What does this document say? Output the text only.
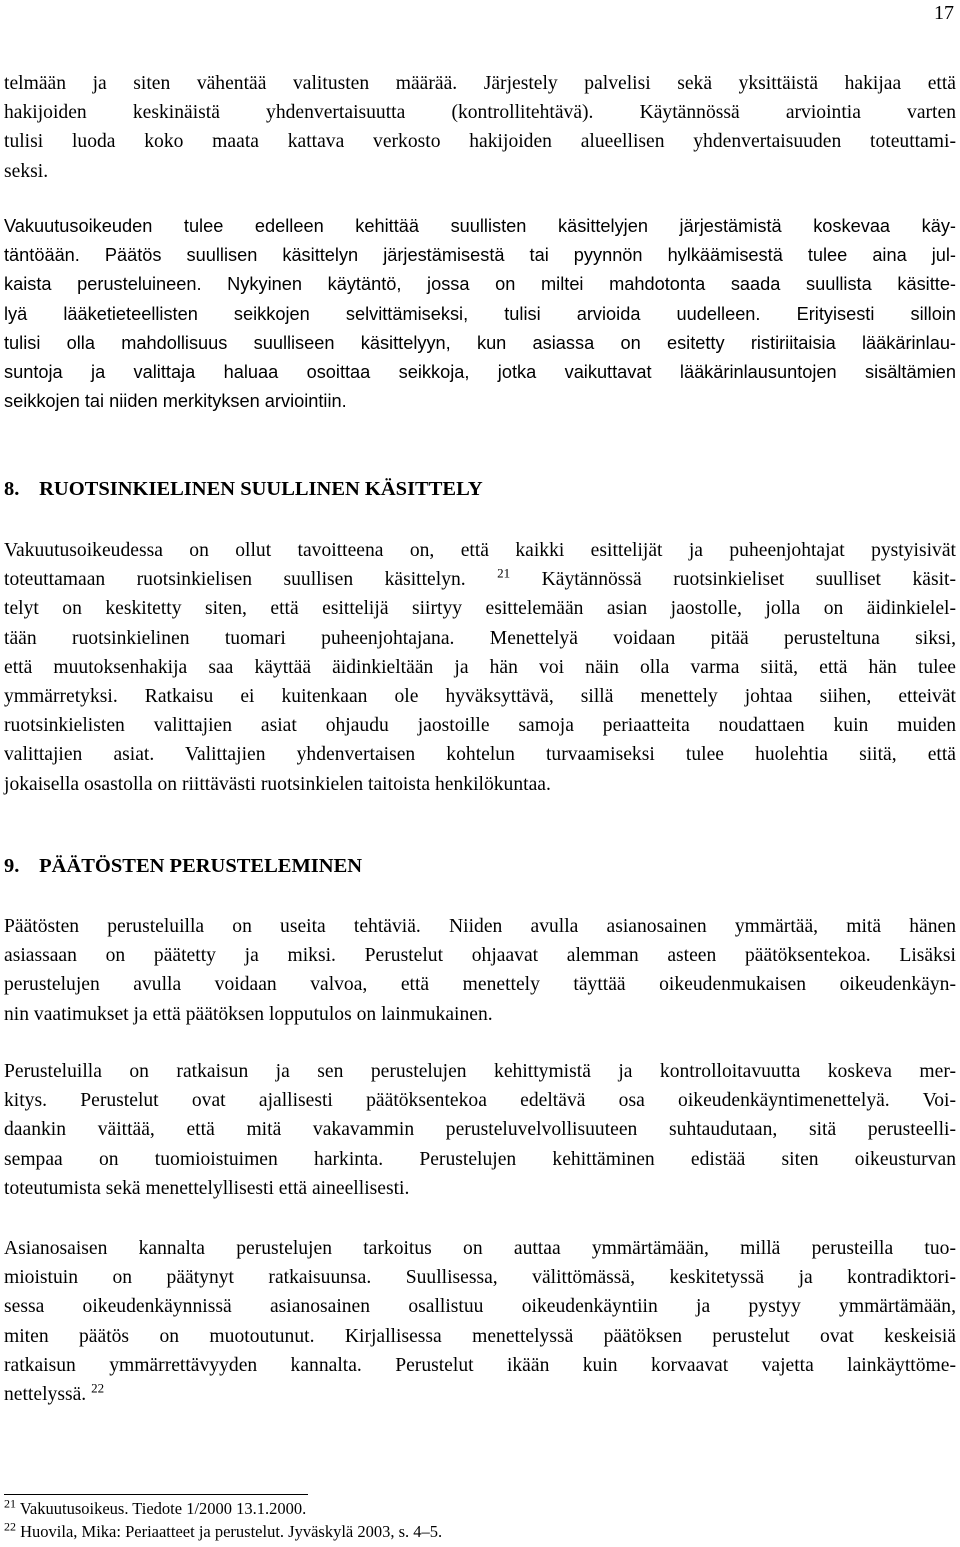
17
telmään ja siten vähentää valitusten määrää. Järjestely palvelisi sekä yksittäistä hakijaa että
hakijoiden keskinäistä yhdenvertaisuutta (kontrollitehtävä). Käytännössä arviointia varten
tulisi luoda koko maata kattava verkosto hakijoiden alueellisen yhdenvertaisuuden toteuttami-
seksi.
Vakuutusoikeuden tulee edelleen kehittää suullisten käsittelyjen järjestämistä koskevaa käy-
täntöään. Päätös suullisen käsittelyn järjestämisestä tai pyynnön hylkäämisestä tulee aina jul-
kaista perusteluineen. Nykyinen käytäntö, jossa on miltei mahdotonta saada suullista käsitte-
lyä lääketieteellisten seikkojen selvittämiseksi, tulisi arvioida uudelleen. Erityisesti silloin
tulisi olla mahdollisuus suulliseen käsittelyyn, kun asiassa on esitetty ristiriitaisia lääkärinlau-
suntoja ja valittaja haluaa osoittaa seikkoja, jotka vaikuttavat lääkärinlausuntojen sisältämien
seikkojen tai niiden merkityksen arviointiin.
8. RUOTSINKIELINEN SUULLINEN KÄSITTELY
Vakuutusoikeudessa on ollut tavoitteena on, että kaikki esittelijät ja puheenjohtajat pystyisivät
toteuttamaan ruotsinkielisen suullisen käsittelyn. $^{21}$ Käytännössä ruotsinkieliset suulliset käsit-
telyt on keskitetty siten, että esittelijä siirtyy esittelemään asian jaostolle, jolla on äidinkielel-
tään ruotsinkielinen tuomari puheenjohtajana. Menettelyä voidaan pitää perusteltuna siksi,
että muutoksenhakija saa käyttää äidinkieltään ja hän voi näin olla varma siitä, että hän tulee
ymmärretyksi. Ratkaisu ei kuitenkaan ole hyväksyttävä, sillä menettely johtaa siihen, etteivät
ruotsinkielisten valittajien asiat ohjaudu jaostoille samoja periaatteita noudattaen kuin muiden
valittajien asiat. Valittajien yhdenvertaisen kohtelun turvaamiseksi tulee huolehtia siitä, että
jokaisella osastolla on riittävästi ruotsinkielen taitoista henkilökuntaa.
9. PÄÄTÖSTEN PERUSTELEMINEN
Päätösten perusteluilla on useita tehtäviä. Niiden avulla asianosainen ymmärtää, mitä hänen
asiassaan on päätetty ja miksi. Perustelut ohjaavat alemman asteen päätöksentekoa. Lisäksi
perustelujen avulla voidaan valvoa, että menettely täyttää oikeudenmukaisen oikeudenkäyn-
nin vaatimukset ja että päätöksen lopputulos on lainmukainen.
Perusteluilla on ratkaisun ja sen perustelujen kehittymistä ja kontrolloitavuutta koskeva mer-
kitys. Perustelut ovat ajallisesti päätöksentekoa edeltävä osa oikeudenkäyntimenettelyä. Voi-
daankin väittää, että mitä vakavammin perusteluvelvollisuuteen suhtaudutaan, sitä perusteelli-
sempaa on tuomioistuimen harkinta. Perustelujen kehittäminen edistää siten oikeusturvan
toteutumista sekä menettelyllisesti että aineellisesti.
Asianosaisen kannalta perustelujen tarkoitus on auttaa ymmärtämään, millä perusteilla tuo-
mioistuin on päätynyt ratkaisuunsa. Suullisessa, välittömässä, keskitetyssä ja kontradiktori-
sessa oikeudenkäynnissä asianosainen osallistuu oikeudenkäyntiin ja pystyy ymmärtämään,
miten päätös on muotoutunut. Kirjallisessa menettelyssä päätöksen perustelut ovat keskeisiä
ratkaisun ymmärrettävyyden kannalta. Perustelut ikään kuin korvaavat vajetta lainkäyttöme-
nettelyssä. $^{22}$
$^{21}$ Vakuutusoikeus. Tiedote 1/2000 13.1.2000.
$^{22}$ Huovila, Mika: Periaatteet ja perustelut. Jyväskylä 2003, s. 4–5.
